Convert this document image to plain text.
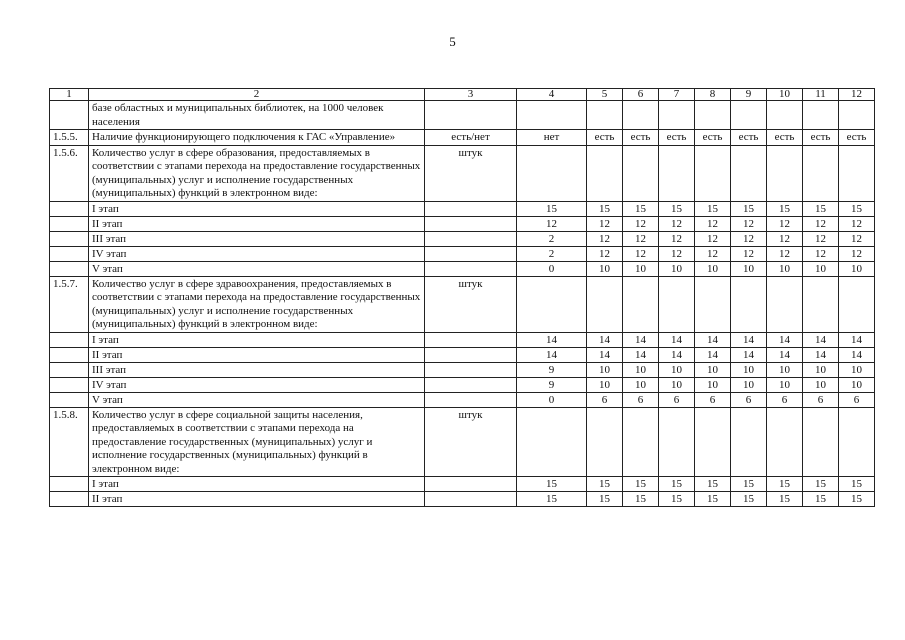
5
1	2	3	4	5	6	7	8	9	10	11	12
	базе областных и муниципальных библиотек, на 1000 человек населения										
1.5.5.	Наличие функционирующего подключения к ГАС «Управление»	есть/нет	нет	есть	есть	есть	есть	есть	есть	есть	есть
1.5.6.	Количество услуг в сфере образования, предоставляемых в соответствии с этапами перехода на предоставление государственных (муниципальных) услуг и исполнение государственных (муниципальных) функций в электронном виде:	штук									
	I этап		15	15	15	15	15	15	15	15	15
	II этап		12	12	12	12	12	12	12	12	12
	III этап		2	12	12	12	12	12	12	12	12
	IV этап		2	12	12	12	12	12	12	12	12
	V этап		0	10	10	10	10	10	10	10	10
1.5.7.	Количество услуг в сфере здравоохранения, предоставляемых в соответствии с этапами перехода на предоставление государственных (муниципальных) услуг и исполнение государственных (муниципальных) функций в электронном виде:	штук									
	I этап		14	14	14	14	14	14	14	14	14
	II этап		14	14	14	14	14	14	14	14	14
	III этап		9	10	10	10	10	10	10	10	10
	IV этап		9	10	10	10	10	10	10	10	10
	V этап		0	6	6	6	6	6	6	6	6
1.5.8.	Количество услуг в сфере социальной защиты населения, предоставляемых в соответствии с этапами перехода на предоставление государственных (муниципальных) услуг и исполнение государственных (муниципальных) функций в электронном виде:	штук									
	I этап		15	15	15	15	15	15	15	15	15
	II этап		15	15	15	15	15	15	15	15	15
